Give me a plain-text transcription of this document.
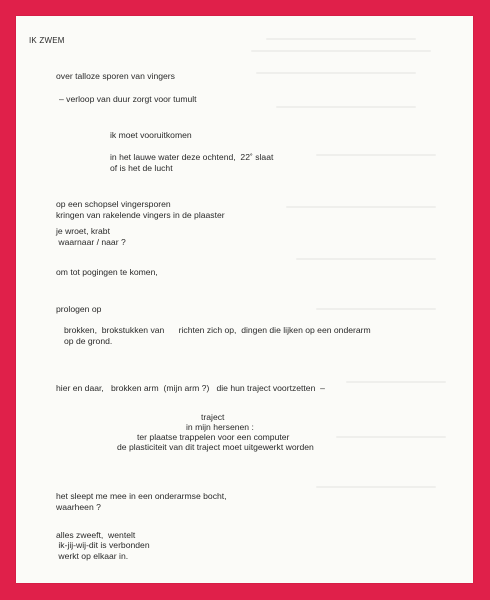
IK ZWEM
over talloze sporen van vingers
– verloop van duur zorgt voor tumult
ik moet vooruitkomen
in het lauwe water deze ochtend,  22˚ slaat
of is het de lucht
op een schopsel vingersporen
kringen van rakelende vingers in de plaaster
je wroet, krabt
waarnaar / naar ?
om tot pogingen te komen,
prologen op
brokken,  brokstukken van      richten zich op,  dingen die lijken op een onderarm
op de grond.
hier en daar,   brokken arm  (mijn arm ?)   die hun traject voortzetten  –
traject
in mijn hersenen :
ter plaatse trappelen voor een computer
de plasticiteit van dit traject moet uitgewerkt worden
het sleept me mee in een onderarmse bocht,
waarheen ?
alles zweeft,  wentelt
ik-jij-wij-dit is verbonden
werkt op elkaar in.
